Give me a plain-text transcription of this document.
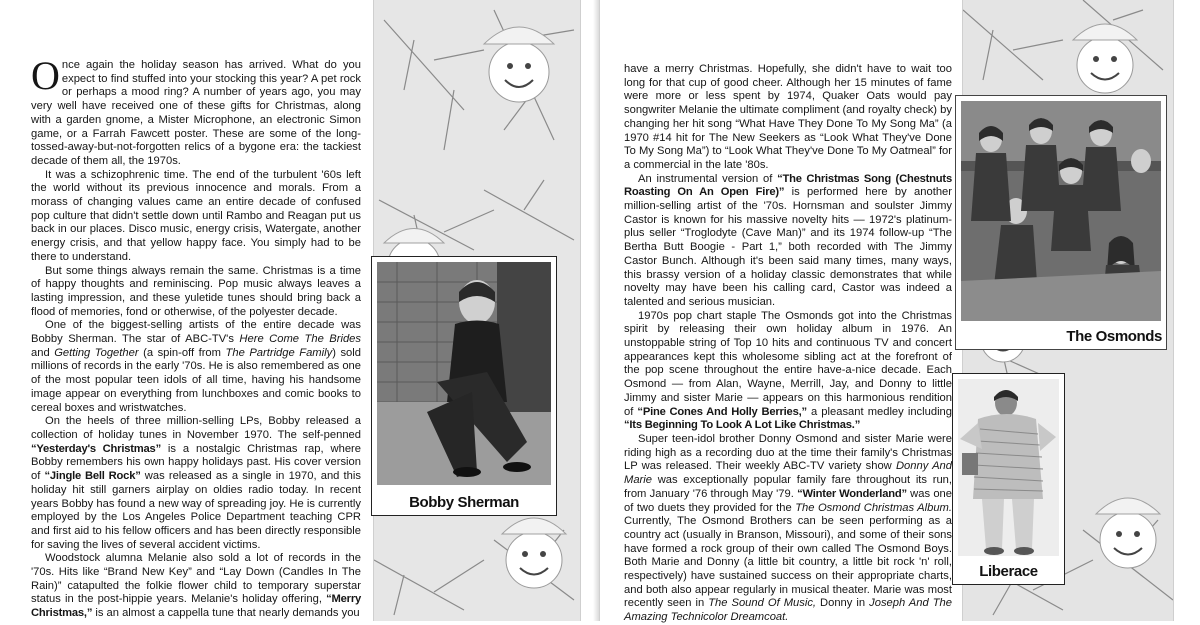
Once again the holiday season has arrived. What do you expect to find stuffed into your stocking this year? A pet rock or perhaps a mood ring? A number of years ago, you may very well have received one of these gifts for Christmas, along with a garden gnome, a Mister Microphone, an electronic Simon game, or a Farrah Fawcett poster. These are some of the long-tossed-away-but-not-forgotten relics of a bygone era: the tackiest decade of them all, the 1970s.

It was a schizophrenic time. The end of the turbulent '60s left the world without its previous innocence and morals. From a morass of changing values came an entire decade of confused pop culture that didn't settle down until Rambo and Reagan put us back in our places. Disco music, energy crisis, Watergate, another energy crisis, and that yellow happy face. You simply had to be there to understand.

But some things always remain the same. Christmas is a time of happy thoughts and reminiscing. Pop music always leaves a lasting impression, and these yuletide tunes should bring back a flood of memories, fond or otherwise, of the polyester decade.

One of the biggest-selling artists of the entire decade was Bobby Sherman. The star of ABC-TV's Here Come The Brides and Getting Together (a spin-off from The Partridge Family) sold millions of records in the early '70s. He is also remembered as one of the most popular teen idols of all time, having his handsome image appear on everything from lunchboxes and comic books to cereal boxes and wristwatches.

On the heels of three million-selling LPs, Bobby released a collection of holiday tunes in November 1970. The self-penned “Yesterday's Christmas” is a nostalgic Christmas rap, where Bobby remembers his own happy holidays past. His cover version of “Jingle Bell Rock” was released as a single in 1970, and this holiday hit still garners airplay on oldies radio today. In recent years Bobby has found a new way of spreading joy. He is currently employed by the Los Angeles Police Department teaching CPR and first aid to his fellow officers and has been directly responsible for saving the lives of several accident victims.

Woodstock alumna Melanie also sold a lot of records in the '70s. Hits like “Brand New Key” and “Lay Down (Candles In The Rain)” catapulted the folkie flower child to temporary superstar status in the post-hippie years. Melanie's holiday offering, “Merry Christmas,” is an almost a cappella tune that nearly demands you

Bobby Sherman

have a merry Christmas. Hopefully, she didn't have to wait too long for that cup of good cheer. Although her 15 minutes of fame were more or less spent by 1974, Quaker Oats would pay songwriter Melanie the ultimate compliment (and royalty check) by changing her hit song “What Have They Done To My Song Ma” (a 1970 #14 hit for The New Seekers as “Look What They've Done To My Song Ma”) to “Look What They've Done To My Oatmeal” for a commercial in the late '80s.

An instrumental version of “The Christmas Song (Chestnuts Roasting On An Open Fire)” is performed here by another million-selling artist of the '70s. Hornsman and soulster Jimmy Castor is known for his massive novelty hits — 1972's platinum-plus seller “Troglodyte (Cave Man)” and its 1974 follow-up “The Bertha Butt Boogie - Part 1,” both recorded with The Jimmy Castor Bunch. Although it's been said many times, many ways, this brassy version of a holiday classic demonstrates that while novelty may have been his calling card, Castor was indeed a talented and serious musician.

1970s pop chart staple The Osmonds got into the Christmas spirit by releasing their own holiday album in 1976. An unstoppable string of Top 10 hits and continuous TV and concert appearances kept this wholesome sibling act at the forefront of the pop scene throughout the entire have-a-nice decade. Each Osmond — from Alan, Wayne, Merrill, Jay, and Donny to little Jimmy and sister Marie — appears on this harmonious rendition of “Pine Cones And Holly Berries,” a pleasant medley including “Its Beginning To Look A Lot Like Christmas.”

Super teen-idol brother Donny Osmond and sister Marie were riding high as a recording duo at the time their family's Christmas LP was released. Their weekly ABC-TV variety show Donny And Marie was exceptionally popular family fare throughout its run, from January '76 through May '79. “Winter Wonderland” was one of two duets they provided for the The Osmond Christmas Album. Currently, The Osmond Brothers can be seen performing as a country act (usually in Branson, Missouri), and some of their sons have formed a rock group of their own called The Osmond Boys. Both Marie and Donny (a little bit country, a little bit rock 'n' roll, respectively) have sustained success on their appropriate charts, and both also appear regularly in musical theater. Marie was most recently seen in The Sound Of Music, Donny in Joseph And The Amazing Technicolor Dreamcoat.

The Osmonds
Liberace
